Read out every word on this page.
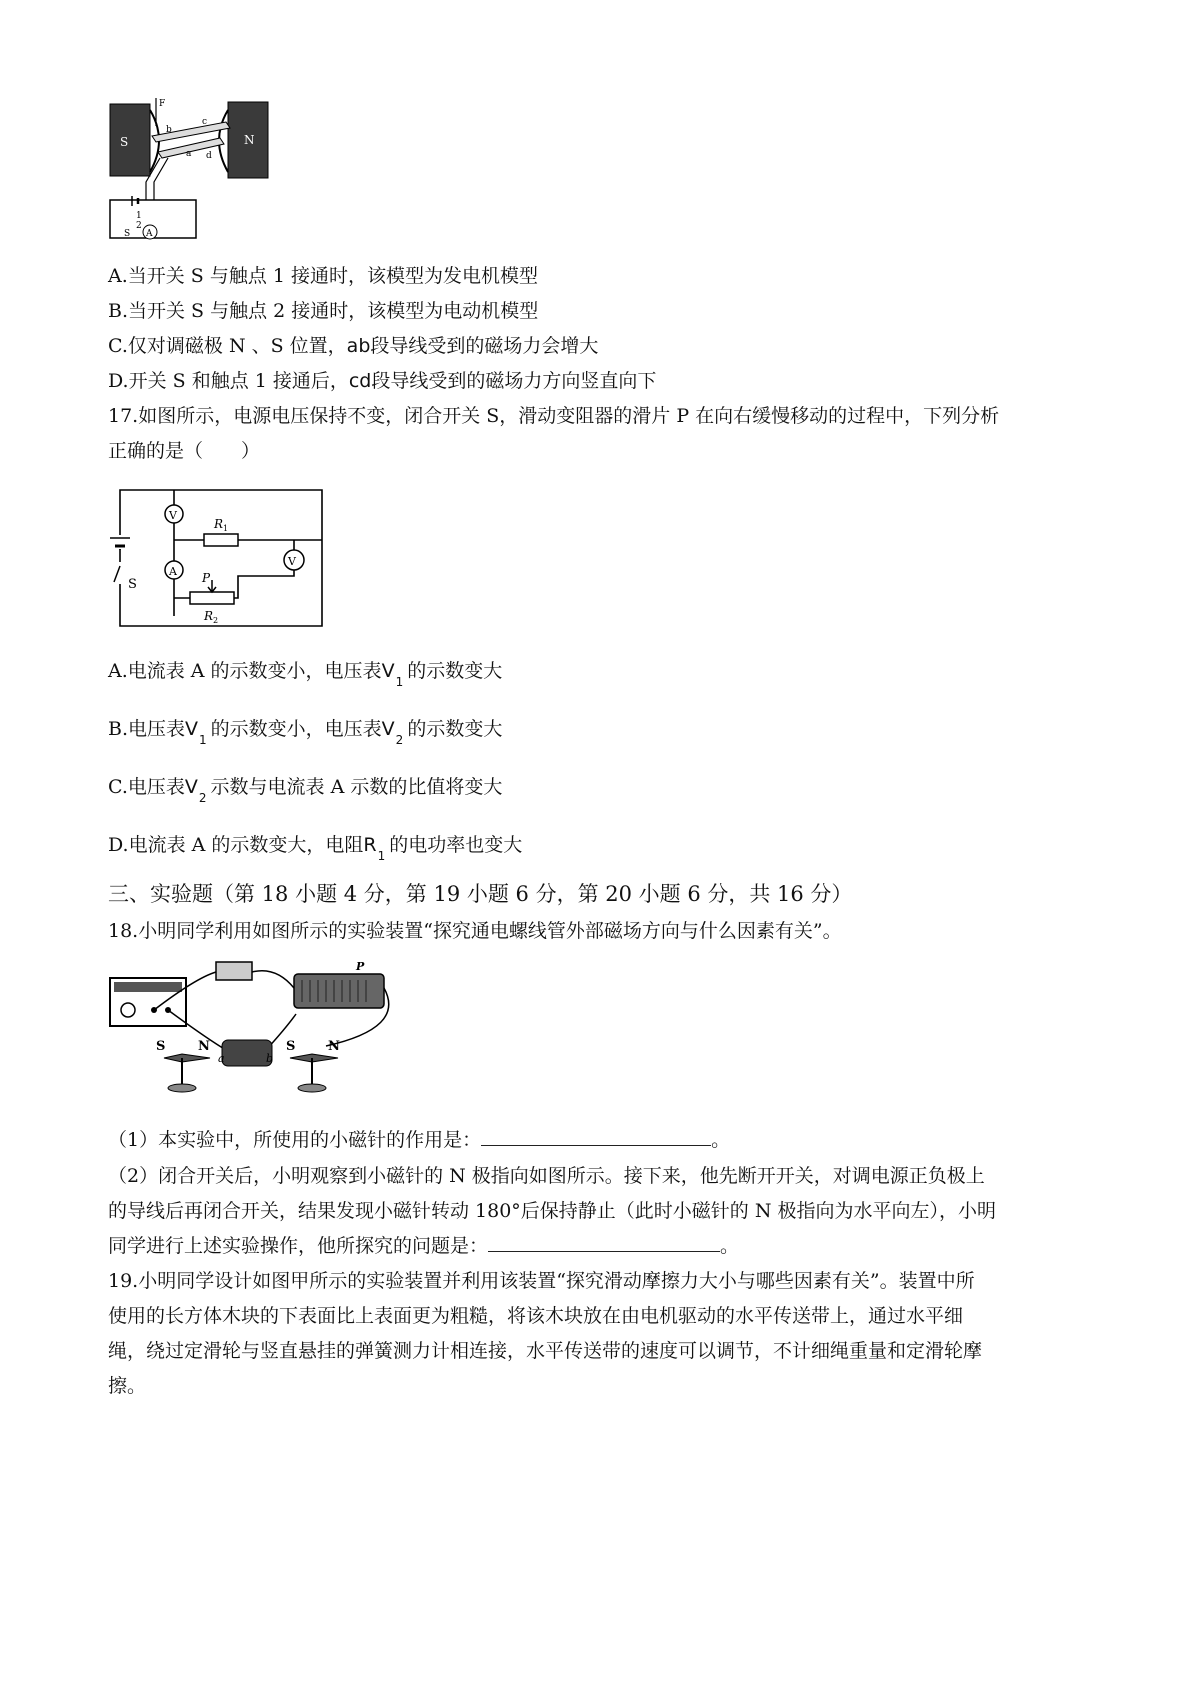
S	N
F
b
a
c
d
A
S
2
1
A.当开关 S 与触点 1 接通时，该模型为发电机模型
B.当开关 S 与触点 2 接通时，该模型为电动机模型
C.仅对调磁极 N 、S 位置，ab段导线受到的磁场力会增大
D.开关 S 和触点 1 接通后，cd段导线受到的磁场力方向竖直向下
17.如图所示，电源电压保持不变，闭合开关 S，滑动变阻器的滑片 P 在向右缓慢移动的过程中，下列分析
正确的是（　　）
S
V
R 1
V
A P
R 2
A.电流表 A 的示数变小，电压表$V_1$ 的示数变大
B.电压表$V_1$ 的示数变小，电压表$V_2$ 的示数变大
C.电压表$V_2$ 示数与电流表 A 示数的比值将变大
D.电流表 A 的示数变大，电阻$R_1$ 的电功率也变大
三、实验题（第 18 小题 4 分，第 19 小题 6 分，第 20 小题 6 分，共 16 分）
18.小明同学利用如图所示的实验装置“探究通电螺线管外部磁场方向与什么因素有关”。
P
a	b
S	N	S	N
（1）本实验中，所使用的小磁针的作用是：	。
（2）闭合开关后，小明观察到小磁针的 N 极指向如图所示。接下来，他先断开开关，对调电源正负极上
的导线后再闭合开关，结果发现小磁针转动 180°后保持静止（此时小磁针的 N 极指向为水平向左），小明
同学进行上述实验操作，他所探究的问题是：	。
19.小明同学设计如图甲所示的实验装置并利用该装置“探究滑动摩擦力大小与哪些因素有关”。装置中所
使用的长方体木块的下表面比上表面更为粗糙，将该木块放在由电机驱动的水平传送带上，通过水平细
绳，绕过定滑轮与竖直悬挂的弹簧测力计相连接，水平传送带的速度可以调节，不计细绳重量和定滑轮摩
擦。
